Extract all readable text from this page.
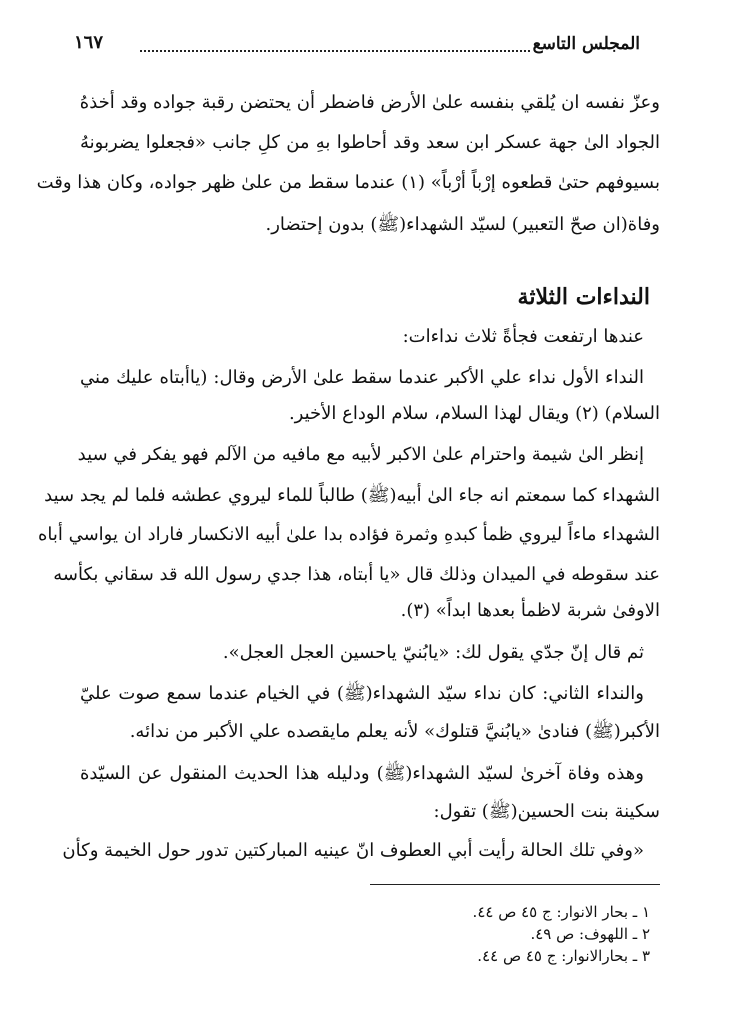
المجلس التاسع
١٦٧
وعزّ نفسه ان يُلقي بنفسه علىٰ الأرض فاضطر أن يحتضن رقبة جواده وقد أخذهُ
الجواد الىٰ جهة عسكر ابن سعد وقد أحاطوا بهِ من كلِ جانب «فجعلوا يضربونهُ
بسيوفهم حتىٰ قطعوه إرْباً أرْباً» (١) عندما سقط من علىٰ ظهر جواده، وكان هذا وقت
وفاة(ان صحّ التعبير) لسيّد الشهداء(ﷺ) بدون إحتضار.
النداءات الثلاثة
عندها ارتفعت فجأةً ثلاث نداءات:
النداء الأول نداء علي الأكبر عندما سقط علىٰ الأرض وقال: (ياأبتاه عليك مني
السلام) (٢) ويقال لهذا السلام، سلام الوداع الأخير.
إنظر الىٰ شيمة واحترام علىٰ الاكبر لأبيه مع مافيه من الآلم فهو يفكر في سيد
الشهداء كما سمعتم انه جاء الىٰ أبيه(ﷺ) طالباً للماء ليروي عطشه فلما لم يجد سيد
الشهداء ماءاً ليروي ظمأ كبدهِ وثمرة فؤاده بدا علىٰ أبيه الانكسار فاراد ان يواسي أباه
عند سقوطه في الميدان وذلك قال «يا أبتاه، هذا جدي رسول الله قد سقاني بكأسه
الاوفىٰ شربة لاظمأ بعدها ابداً» (٣).
ثم قال إنّ جدّي يقول لك: «يابُنيّ ياحسين العجل العجل».
والنداء الثاني: كان نداء سيّد الشهداء(ﷺ) في الخيام عندما سمع صوت عليّ
الأكبر(ﷺ) فنادىٰ «يابُنيَّ قتلوك» لأنه يعلم مايقصده علي الأكبر من ندائه.
وهذه وفاة آخرىٰ لسيّد الشهداء(ﷺ) ودليله هذا الحديث المنقول عن السيّدة
سكينة بنت الحسين(ﷺ) تقول:
«وفي تلك الحالة رأيت أبي العطوف انّ عينيه المباركتين تدور حول الخيمة وكأن
١ ـ بحار الانوار: ج ٤٥ ص ٤٤.
٢ ـ اللهوف: ص ٤٩.
٣ ـ بحارالانوار: ج ٤٥ ص ٤٤.
